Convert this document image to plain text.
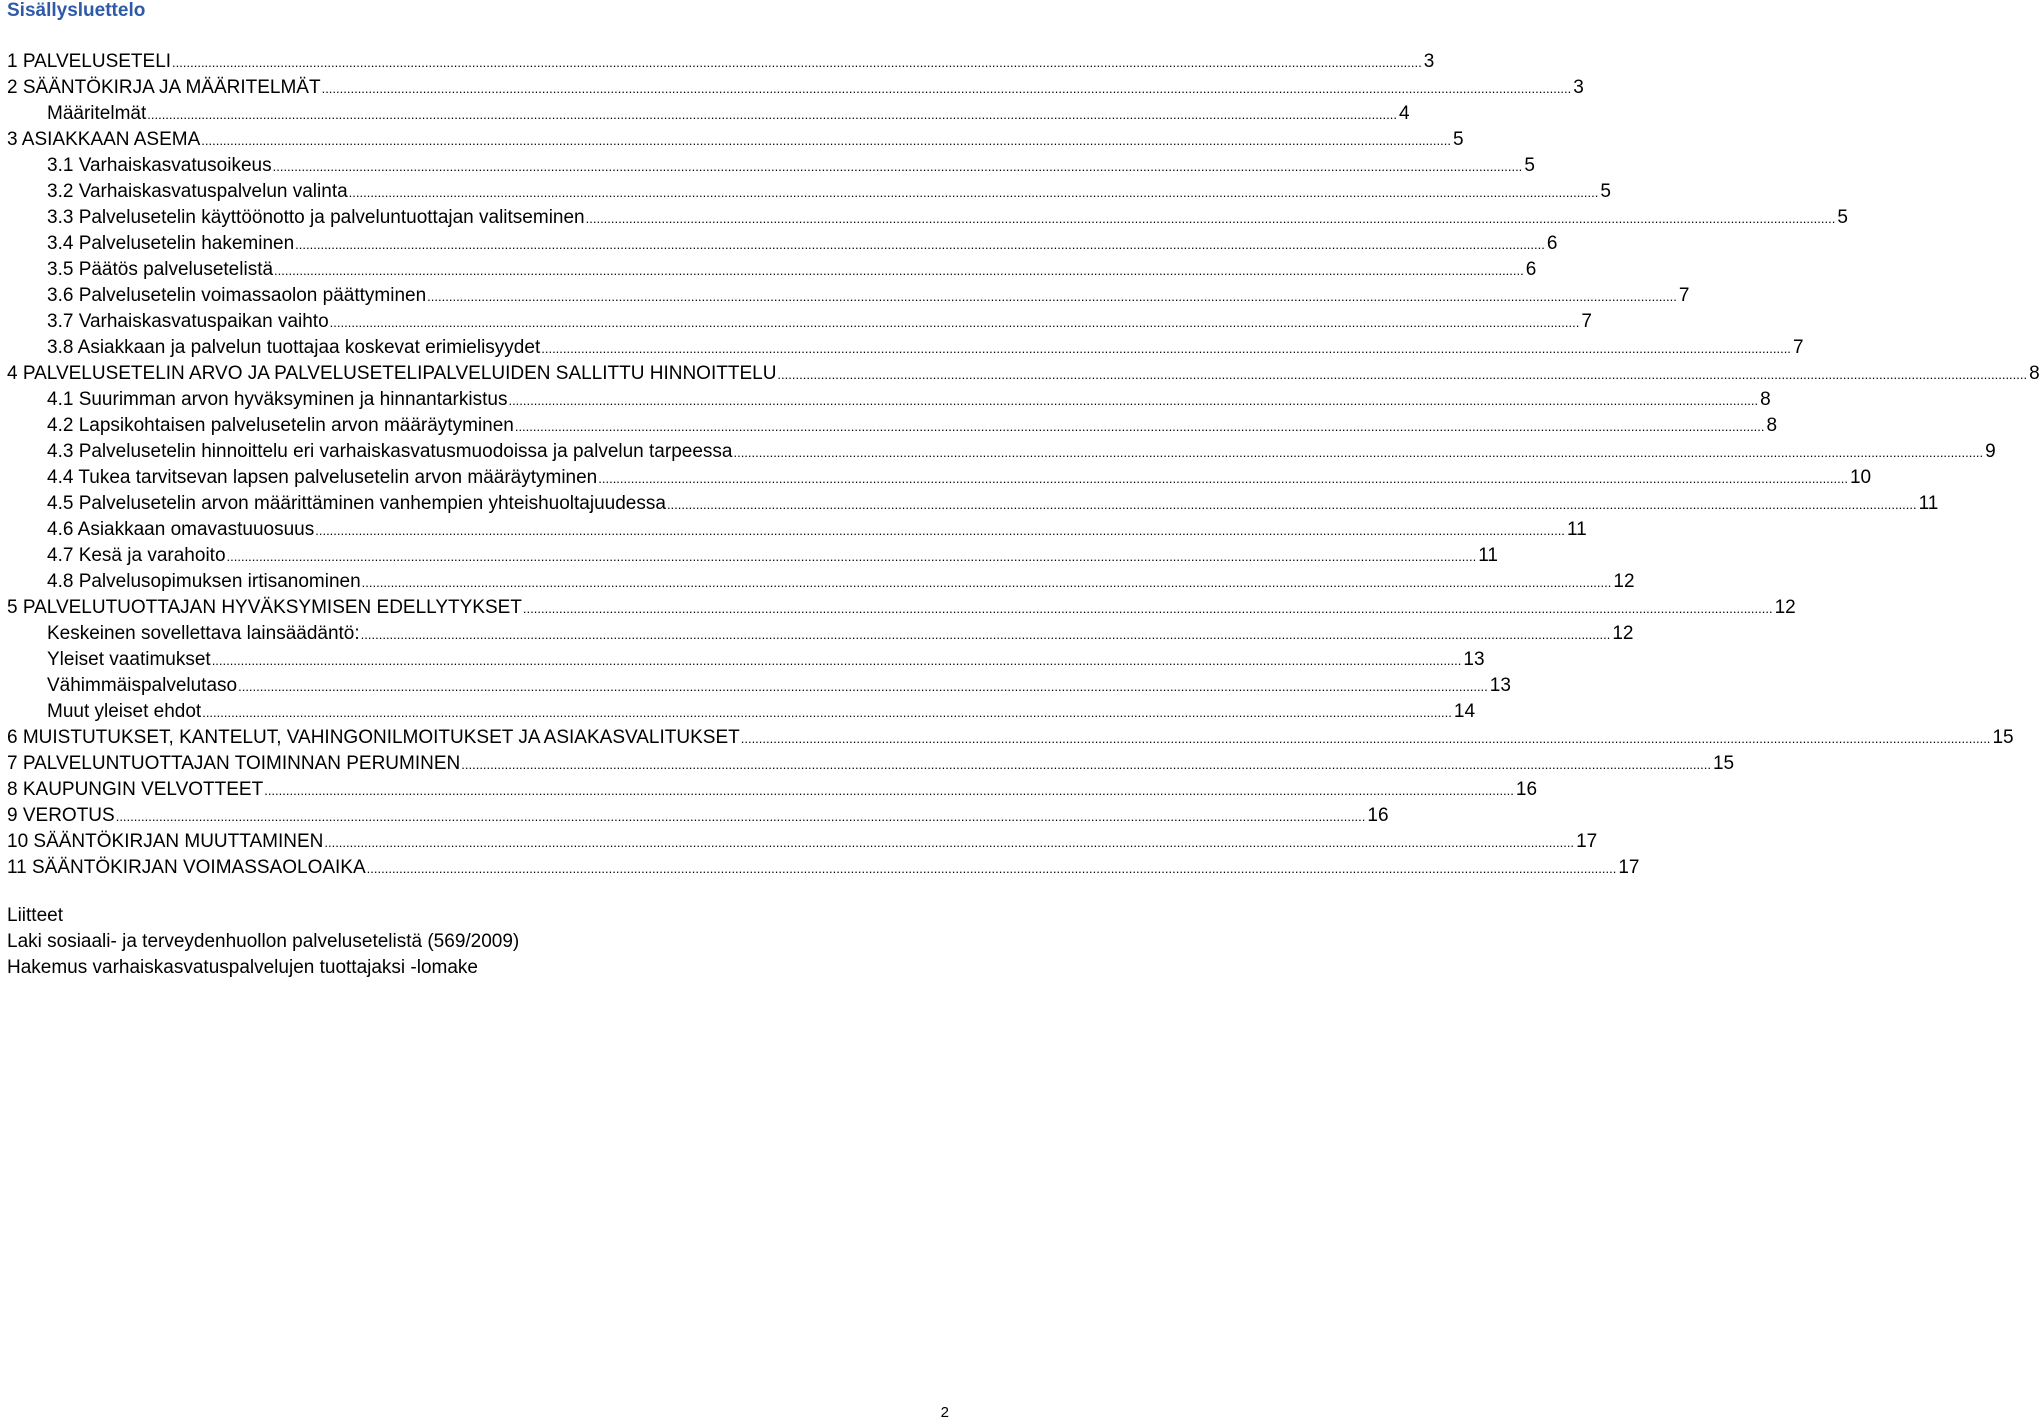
Sisällysluettelo
1 PALVELUSETELI .....	3
2 SÄÄNTÖKIRJA JA MÄÄRITELMÄT .....	3
Määritelmät .....	4
3 ASIAKKAAN ASEMA .....	5
3.1 Varhaiskasvatusoikeus .....	5
3.2 Varhaiskasvatuspalvelun valinta .....	5
3.3 Palvelusetelin käyttöönotto ja palveluntuottajan valitseminen .....	5
3.4 Palvelusetelin hakeminen .....	6
3.5 Päätös palvelusetelistä .....	6
3.6 Palvelusetelin voimassaolon päättyminen .....	7
3.7 Varhaiskasvatuspaikan vaihto .....	7
3.8 Asiakkaan ja palvelun tuottajaa koskevat erimielisyydet .....	7
4 PALVELUSETELIN ARVO JA PALVELUSETELIPALVELUIDEN SALLITTU HINNOITTELU .....	8
4.1 Suurimman arvon hyväksyminen ja hinnantarkistus .....	8
4.2 Lapsikohtaisen palvelusetelin arvon määräytyminen .....	8
4.3 Palvelusetelin hinnoittelu eri varhaiskasvatusmuodoissa ja palvelun tarpeessa .....	9
4.4 Tukea tarvitsevan lapsen palvelusetelin arvon määräytyminen .....	10
4.5 Palvelusetelin arvon määrittäminen vanhempien yhteishuoltajuudessa .....	11
4.6 Asiakkaan omavastuuosuus .....	11
4.7 Kesä ja varahoito .....	11
4.8 Palvelusopimuksen irtisanominen .....	12
5 PALVELUTUOTTAJAN HYVÄKSYMISEN EDELLYTYKSET .....	12
Keskeinen sovellettava lainsäädäntö: .....	12
Yleiset vaatimukset .....	13
Vähimmäispalvelutaso .....	13
Muut yleiset ehdot .....	14
6 MUISTUTUKSET, KANTELUT, VAHINGONILMOITUKSET JA ASIAKASVALITUKSET .....	15
7 PALVELUNTUOTTAJAN TOIMINNAN PERUMINEN .....	15
8 KAUPUNGIN VELVOTTEET .....	16
9 VEROTUS .....	16
10 SÄÄNTÖKIRJAN MUUTTAMINEN .....	17
11 SÄÄNTÖKIRJAN VOIMASSAOLOAIKA .....	17
Liitteet
Laki sosiaali- ja terveydenhuollon palvelusetelistä (569/2009)
Hakemus varhaiskasvatuspalvelujen tuottajaksi -lomake
2
